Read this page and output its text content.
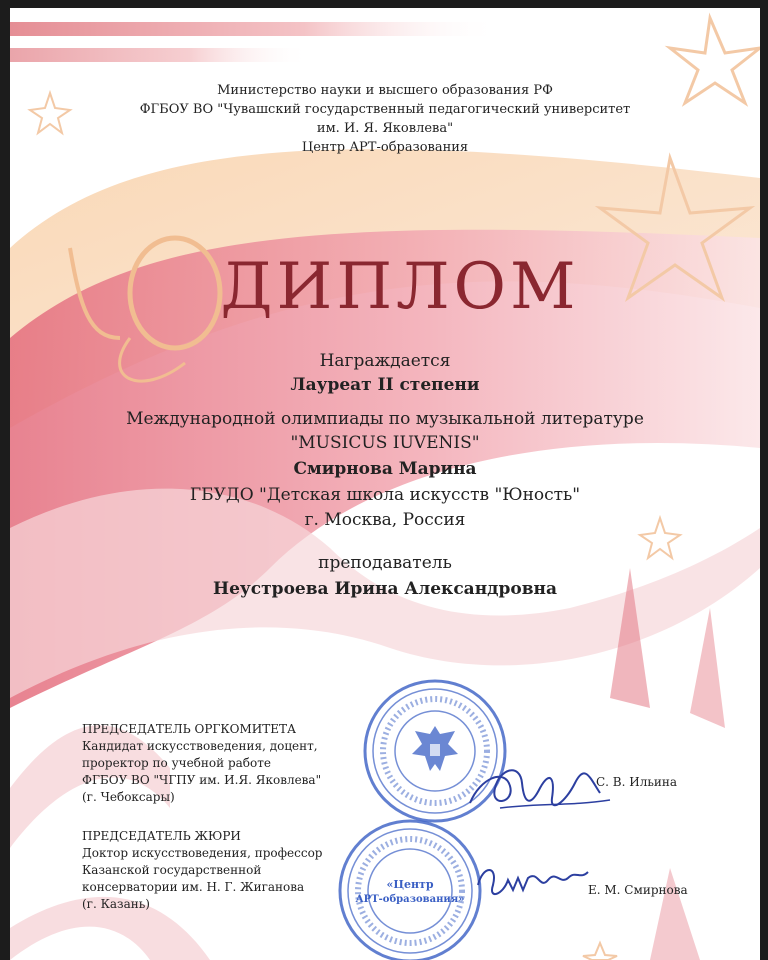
Министерство науки и высшего образования РФ
ФГБОУ ВО "Чувашский государственный педагогический университет
им. И. Я. Яковлева"
Центр АРТ-образования
ДИПЛОМ
Награждается
Лауреат II степени
Международной олимпиады по музыкальной литературе
"MUSICUS IUVENIS"
Смирнова Марина
ГБУДО "Детская школа искусств "Юность"
г. Москва, Россия
преподаватель
Неустроева Ирина Александровна
«Центр
АРТ-образования»
ПРЕДСЕДАТЕЛЬ ОРГКОМИТЕТА
Кандидат искусствоведения, доцент,
проректор по учебной работе
ФГБОУ ВО "ЧГПУ им. И.Я. Яковлева"
(г. Чебоксары)
С. В. Ильина
ПРЕДСЕДАТЕЛЬ ЖЮРИ
Доктор искусствоведения, профессор
Казанской государственной
консерватории им. Н. Г. Жиганова
(г. Казань)
Е. М. Смирнова
